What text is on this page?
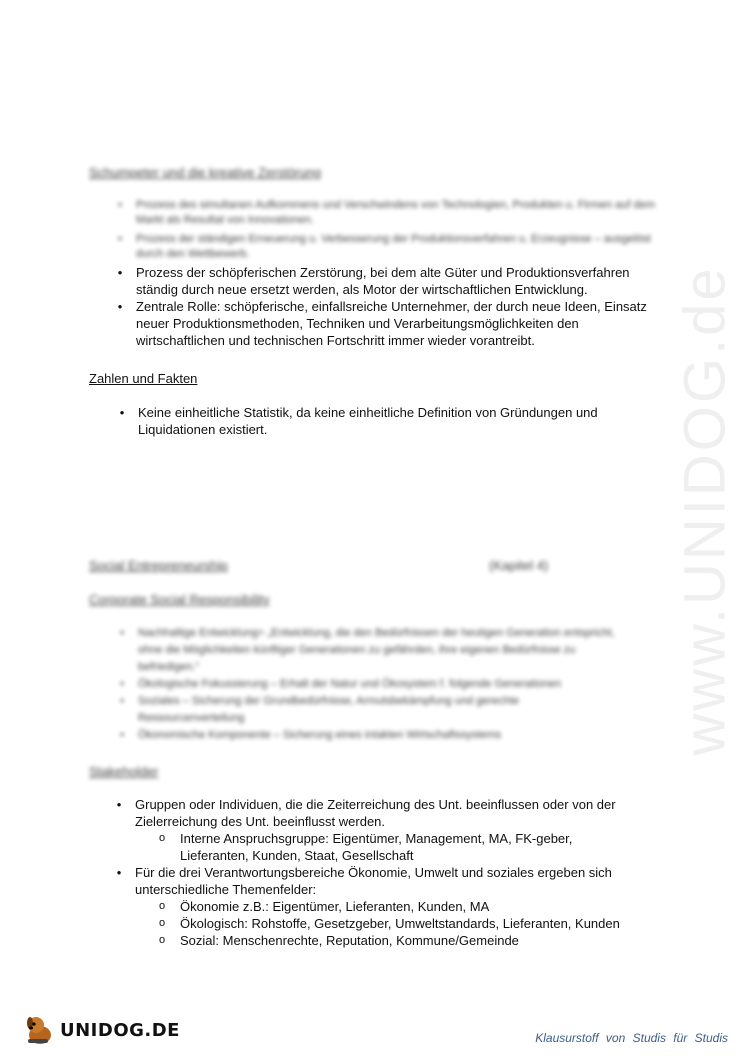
www.UNIDOG.de
Schumpeter und die kreative Zerstörung
• Prozess des simultanen Aufkommens und Verschwindens von Technologien, Produkten u. Firmen auf dem Markt als Resultat von Innovationen.
• Prozess der ständigen Erneuerung u. Verbesserung der Produktionsverfahren u. Erzeugnisse – ausgelöst durch den Wettbewerb.
• Prozess der schöpferischen Zerstörung, bei dem alte Güter und Produktionsverfahren ständig durch neue ersetzt werden, als Motor der wirtschaftlichen Entwicklung.
• Zentrale Rolle: schöpferische, einfallsreiche Unternehmer, der durch neue Ideen, Einsatz neuer Produktionsmethoden, Techniken und Verarbeitungsmöglichkeiten den wirtschaftlichen und technischen Fortschritt immer wieder vorantreibt.
Zahlen und Fakten
• Keine einheitliche Statistik, da keine einheitliche Definition von Gründungen und Liquidationen existiert.
Social Entrepreneurship	(Kapitel 4)
Corporate Social Responsibility
• Nachhaltige Entwicklung= „Entwicklung, die den Bedürfnissen der heutigen Generation entspricht, ohne die Möglichkeiten künftiger Generationen zu gefährden, ihre eigenen Bedürfnisse zu befriedigen.“
• Ökologische Fokussierung – Erhalt der Natur und Ökosystem f. folgende Generationen
• Soziales – Sicherung der Grundbedürfnisse, Armutsbekämpfung und gerechte Ressourcenverteilung
• Ökonomische Komponente – Sicherung eines intakten Wirtschaftssystems
Stakeholder
• Gruppen oder Individuen, die die Zeiterreichung des Unt. beeinflussen oder von der Zielerreichung des Unt. beeinflusst werden.
o Interne Anspruchsgruppe: Eigentümer, Management, MA, FK-geber, Lieferanten, Kunden, Staat, Gesellschaft
• Für die drei Verantwortungsbereiche Ökonomie, Umwelt und soziales ergeben sich unterschiedliche Themenfelder:
o Ökonomie z.B.: Eigentümer, Lieferanten, Kunden, MA
o Ökologisch: Rohstoffe, Gesetzgeber, Umweltstandards, Lieferanten, Kunden
o Sozial: Menschenrechte, Reputation, Kommune/Gemeinde
UNIDOG.DE	Klausurstoff von Studis für Studis
